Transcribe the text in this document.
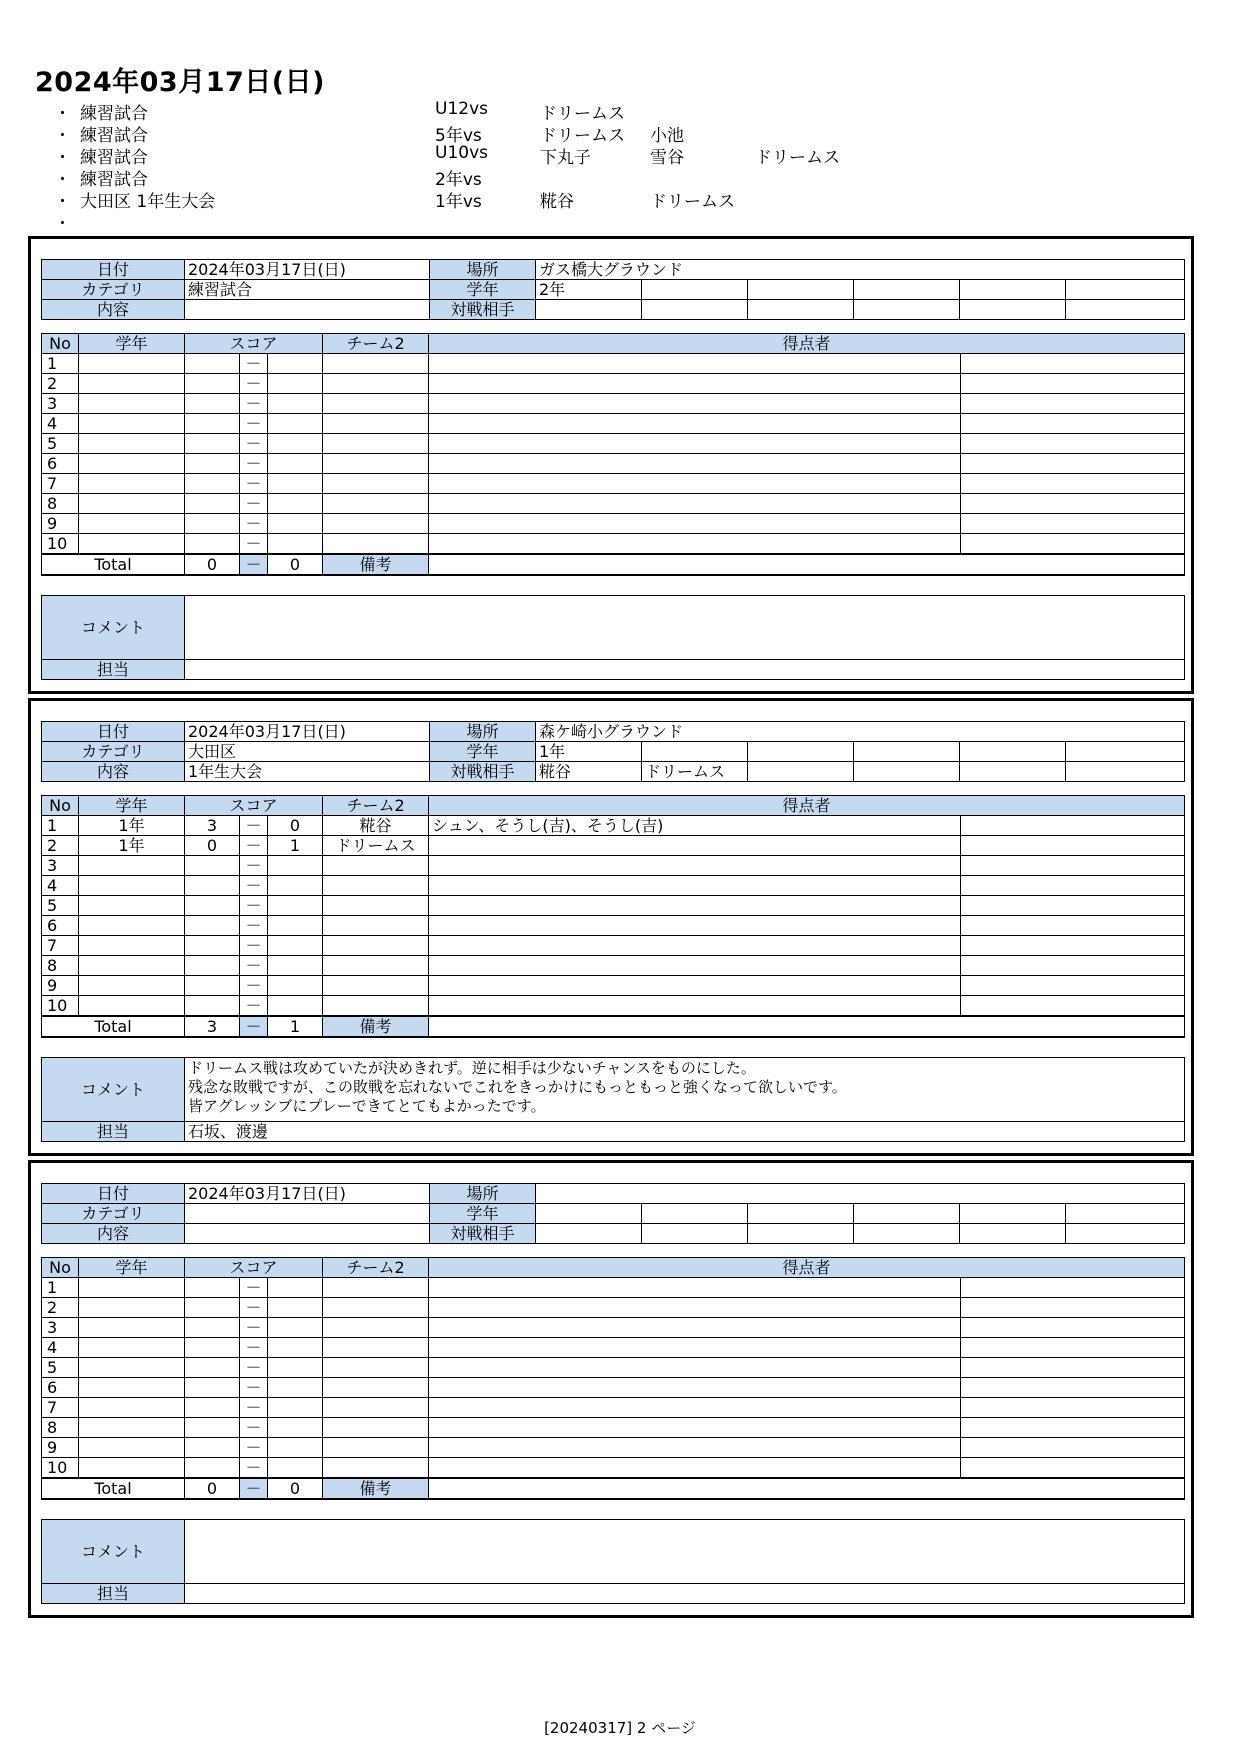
2024年03月17日(日)
・ 練習試合	U12vs	ドリームス
・ 練習試合	5年vs	ドリームス 小池
・ 練習試合	U10vs	下丸子	雪谷	ドリームス
・ 練習試合	2年vs
・ 大田区 1年生大会	1年vs	糀谷	ドリームス
・
日付	2024年03月17日(日)	場所	ガス橋大グラウンド					
カテゴリ	練習試合	学年	2年					
内容		対戦相手						
No	学年	スコア			チーム2	得点者	
1			－				
2			－				
3			－				
4			－				
5			－				
6			－				
7			－				
8			－				
9			－				
10			－				
Total		0	－	0	備考		
コメント	
担当	
日付	2024年03月17日(日)	場所	森ケ崎小グラウンド					
カテゴリ	大田区	学年	1年					
内容	1年生大会	対戦相手	糀谷	ドリームス				
No	学年	スコア			チーム2	得点者	
1	1年	3	－	0	糀谷	シュン、そうし(吉)、そうし(吉)	
2	1年	0	－	1	ドリームス		
3			－				
4			－				
5			－				
6			－				
7			－				
8			－				
9			－				
10			－				
Total		3	－	1	備考		
コメント	ドリームス戦は攻めていたが決めきれず。逆に相手は少ないチャンスをものにした。
残念な敗戦ですが、この敗戦を忘れないでこれをきっかけにもっともっと強くなって欲しいです。
皆アグレッシブにプレーできてとてもよかったです。
担当	石坂、渡邊
日付	2024年03月17日(日)	場所						
カテゴリ		学年						
内容		対戦相手						
No	学年	スコア			チーム2	得点者	
1			－				
2			－				
3			－				
4			－				
5			－				
6			－				
7			－				
8			－				
9			－				
10			－				
Total		0	－	0	備考		
コメント	
担当	
[20240317] 2 ページ
